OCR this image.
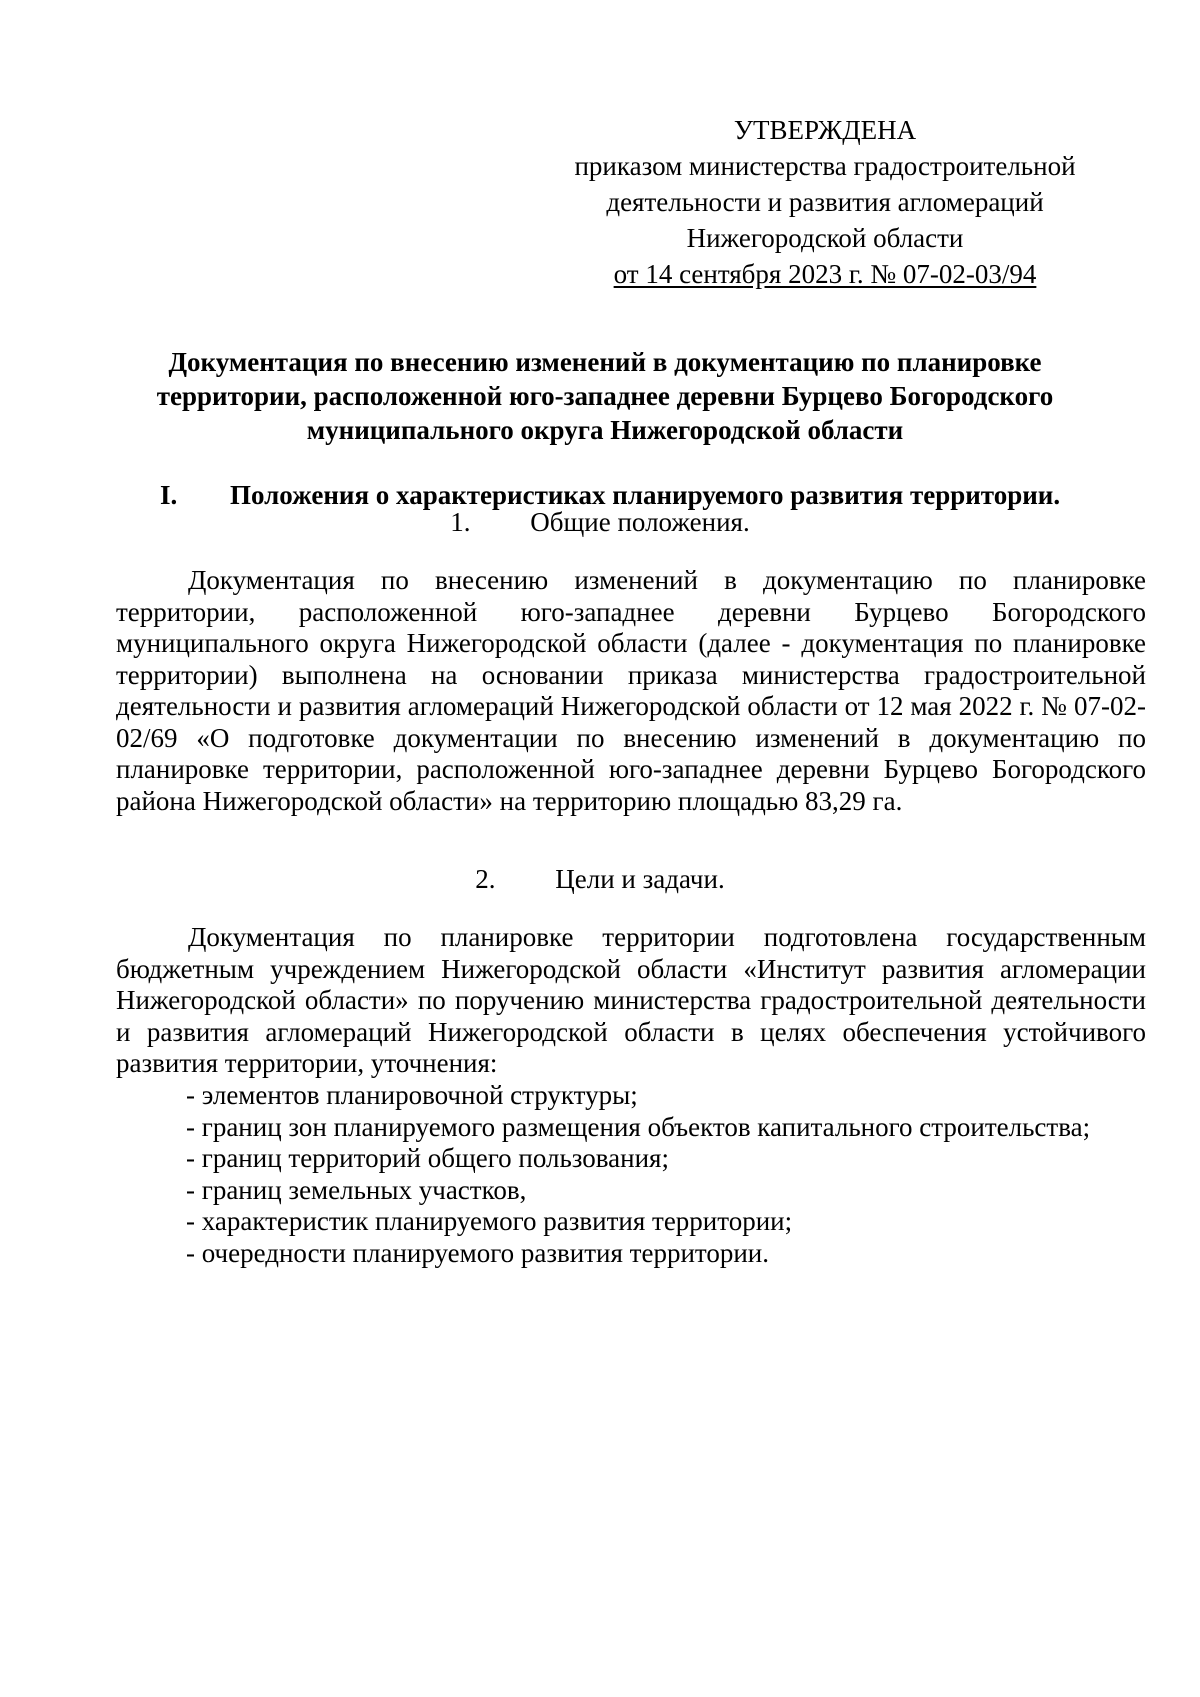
УТВЕРЖДЕНА
приказом министерства градостроительной
деятельности и развития агломераций
Нижегородской области
от 14 сентября 2023 г. № 07-02-03/94
Документация по внесению изменений в документацию по планировке территории, расположенной юго-западнее деревни Бурцево Богородского муниципального округа Нижегородской области
I. Положения о характеристиках планируемого развития территории.
1. Общие положения.
Документация по внесению изменений в документацию по планировке территории, расположенной юго-западнее деревни Бурцево Богородского муниципального округа Нижегородской области (далее - документация по планировке территории) выполнена на основании приказа министерства градостроительной деятельности и развития агломераций Нижегородской области от 12 мая 2022 г. № 07-02-02/69 «О подготовке документации по внесению изменений в документацию по планировке территории, расположенной юго-западнее деревни Бурцево Богородского района Нижегородской области» на территорию площадью 83,29 га.
2. Цели и задачи.
Документация по планировке территории подготовлена государственным бюджетным учреждением Нижегородской области «Институт развития агломерации Нижегородской области» по поручению министерства градостроительной деятельности и развития агломераций Нижегородской области в целях обеспечения устойчивого развития территории, уточнения:
- элементов планировочной структуры;
- границ зон планируемого размещения объектов капитального строительства;
- границ территорий общего пользования;
- границ земельных участков,
- характеристик планируемого развития территории;
- очередности планируемого развития территории.
